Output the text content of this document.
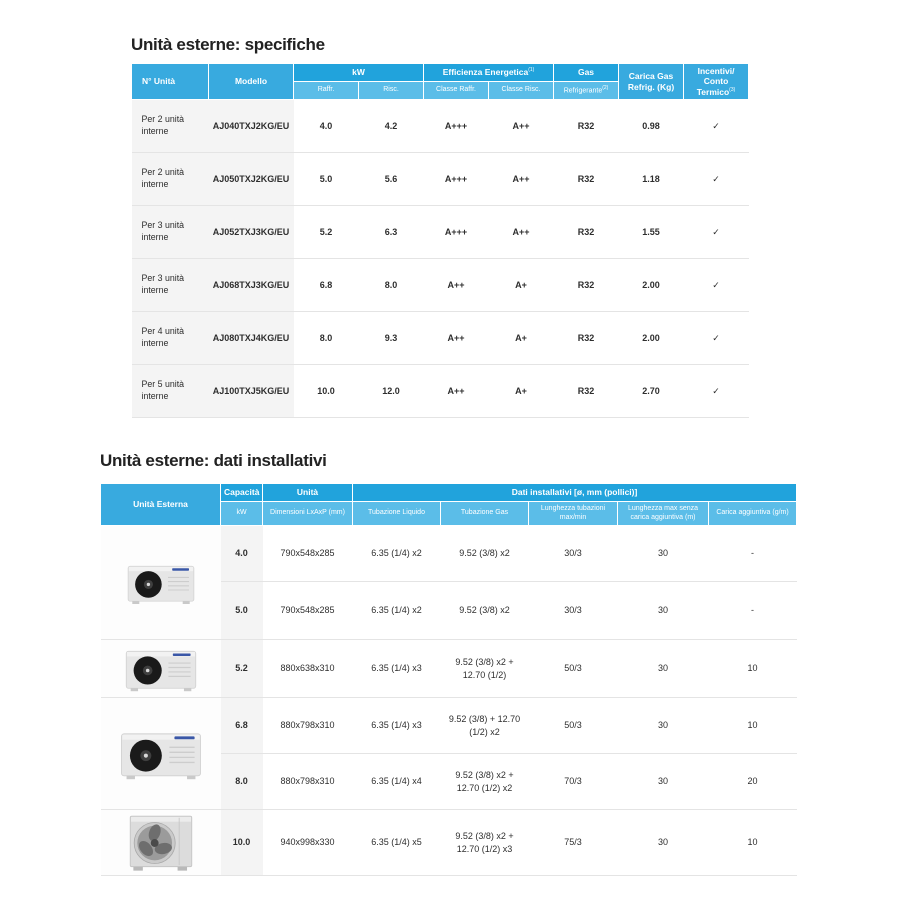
Unità esterne: specifiche
N° Unità	Modello	kW		Efficienza Energetica$^{(1)}$		Gas	Carica Gas
Refrig. (Kg)	Incentivi/
Conto Termico$^{(3)}$

		Raffr.	Risc.	Classe Raffr.	Classe Risc.	Refrigerante$^{(2)}$
Per 2 unità interne	AJ040TXJ2KG/EU	4.0	4.2	A+++	A++	R32	0.98	✓
Per 2 unità interne	AJ050TXJ2KG/EU	5.0	5.6	A+++	A++	R32	1.18	✓
Per 3 unità interne	AJ052TXJ3KG/EU	5.2	6.3	A+++	A++	R32	1.55	✓
Per 3 unità interne	AJ068TXJ3KG/EU	6.8	8.0	A++	A+	R32	2.00	✓
Per 4 unità interne	AJ080TXJ4KG/EU	8.0	9.3	A++	A+	R32	2.00	✓
Per 5 unità interne	AJ100TXJ5KG/EU	10.0	12.0	A++	A+	R32	2.70	✓
Unità esterne: dati installativi
Unità Esterna	Capacità	Unità	Dati installativi [ø, mm (pollici)]				
	kW	Dimensioni LxAxP (mm)	Tubazione Liquido	Tubazione Gas	Lunghezza tubazioni max/min	Lunghezza max senza carica aggiuntiva (m)	Carica aggiuntiva (g/m)

	4.0	790x548x285	6.35 (1/4) x2	9.52 (3/8) x2	30/3	30	-
	5.0	790x548x285	6.35 (1/4) x2	9.52 (3/8) x2	30/3	30	-

	5.2	880x638x310	6.35 (1/4) x3	9.52 (3/8) x2 + 12.70 (1/2)	50/3	30	10

	6.8	880x798x310	6.35 (1/4) x3	9.52 (3/8) + 12.70 (1/2) x2	50/3	30	10
	8.0	880x798x310	6.35 (1/4) x4	9.52 (3/8) x2 + 12.70 (1/2) x2	70/3	30	20

	10.0	940x998x330	6.35 (1/4) x5	9.52 (3/8) x2 + 12.70 (1/2) x3	75/3	30	10
